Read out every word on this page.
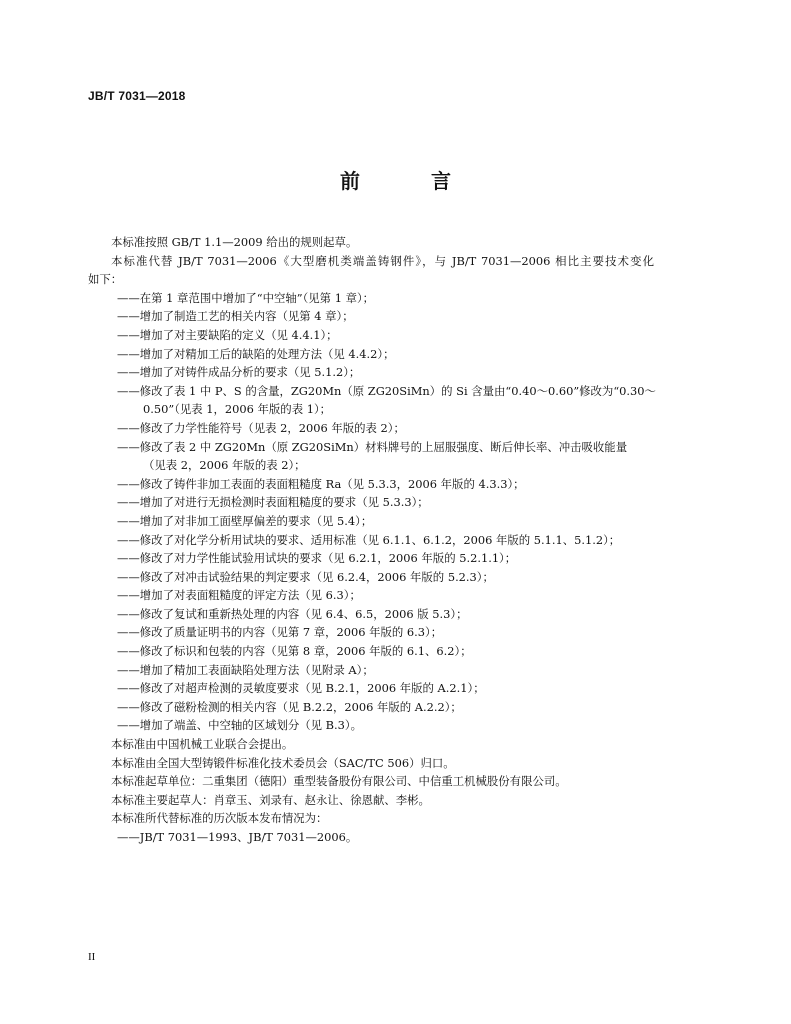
JB/T 7031—2018
前 言
本标准按照 GB/T 1.1—2009 给出的规则起草。
本标准代替 JB/T 7031—2006《大型磨机类端盖铸钢件》，与 JB/T 7031—2006 相比主要技术变化
如下：
——在第 1 章范围中增加了“中空轴”（见第 1 章）；
——增加了制造工艺的相关内容（见第 4 章）；
——增加了对主要缺陷的定义（见 4.4.1）；
——增加了对精加工后的缺陷的处理方法（见 4.4.2）；
——增加了对铸件成品分析的要求（见 5.1.2）；
——修改了表 1 中 P、S 的含量，ZG20Mn（原 ZG20SiMn）的 Si 含量由“0.40～0.60”修改为“0.30～
0.50”（见表 1，2006 年版的表 1）；
——修改了力学性能符号（见表 2，2006 年版的表 2）；
——修改了表 2 中 ZG20Mn（原 ZG20SiMn）材料牌号的上屈服强度、断后伸长率、冲击吸收能量
（见表 2，2006 年版的表 2）；
——修改了铸件非加工表面的表面粗糙度 Ra（见 5.3.3，2006 年版的 4.3.3）；
——增加了对进行无损检测时表面粗糙度的要求（见 5.3.3）；
——增加了对非加工面壁厚偏差的要求（见 5.4）；
——修改了对化学分析用试块的要求、适用标准（见 6.1.1、6.1.2，2006 年版的 5.1.1、5.1.2）；
——修改了对力学性能试验用试块的要求（见 6.2.1，2006 年版的 5.2.1.1）；
——修改了对冲击试验结果的判定要求（见 6.2.4，2006 年版的 5.2.3）；
——增加了对表面粗糙度的评定方法（见 6.3）；
——修改了复试和重新热处理的内容（见 6.4、6.5，2006 版 5.3）；
——修改了质量证明书的内容（见第 7 章，2006 年版的 6.3）；
——修改了标识和包装的内容（见第 8 章，2006 年版的 6.1、6.2）；
——增加了精加工表面缺陷处理方法（见附录 A）；
——修改了对超声检测的灵敏度要求（见 B.2.1，2006 年版的 A.2.1）；
——修改了磁粉检测的相关内容（见 B.2.2，2006 年版的 A.2.2）；
——增加了端盖、中空轴的区域划分（见 B.3）。
本标准由中国机械工业联合会提出。
本标准由全国大型铸锻件标准化技术委员会（SAC/TC 506）归口。
本标准起草单位：二重集团（德阳）重型装备股份有限公司、中信重工机械股份有限公司。
本标准主要起草人：肖章玉、刘录有、赵永让、徐恩献、李彬。
本标准所代替标准的历次版本发布情况为：
——JB/T 7031—1993、JB/T 7031—2006。
II
